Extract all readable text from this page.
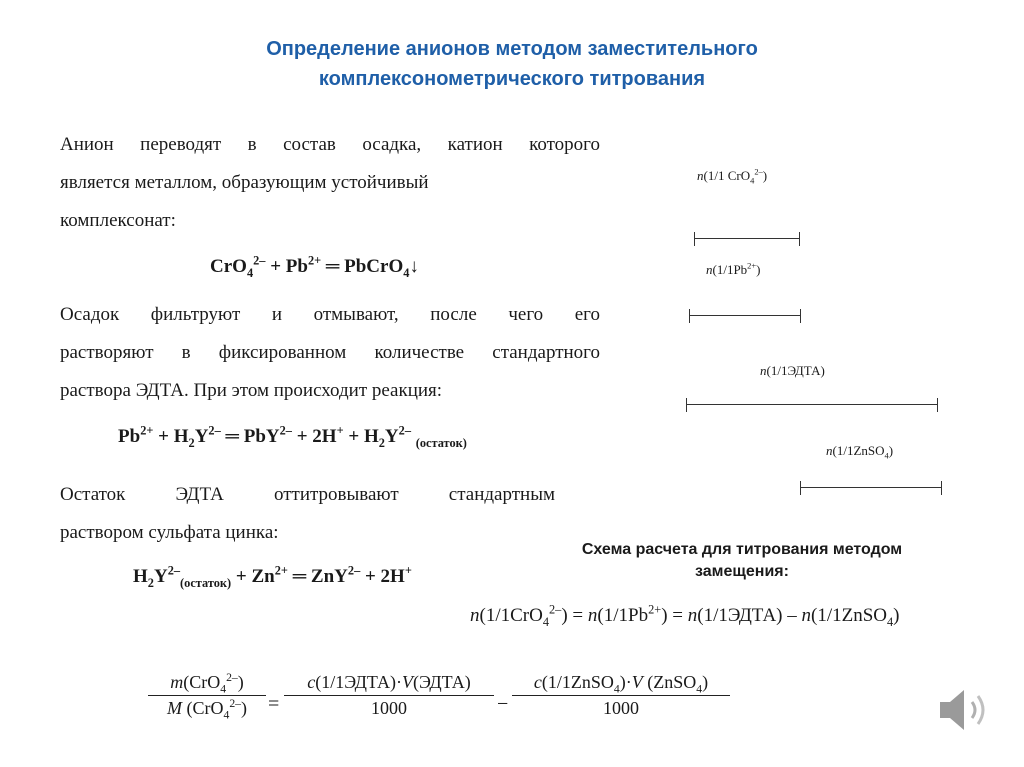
Определение анионов методом заместительного
комплексонометрического титрования
Анион переводят в состав осадка, катион которого
является металлом, образующим устойчивый
комплексонат:
$CrO_4^{2-} + Pb^{2+}$ ═ PbCrO$_4$↓
Осадок фильтруют и отмывают, после чего его
растворяют в фиксированном количестве стандартного
раствора ЭДТА. При этом происходит реакция:
$Pb^{2+} + H_2Y^{2-}$ ═ $PbY^{2-} + 2H^+ + H_2Y^{2-}$ $_{(остаток)}$
Остаток ЭДТА оттитровывают стандартным
раствором сульфата цинка:
$H_2Y^{2-}_{(остаток)} + Zn^{2+}$ ═ ZnY$^{2-}$ + 2H+
n(1/1 CrO$_4^{2-}$)
$n(1/1Pb^{2+})$
n(1/1ЭДТА)
n(1/1ZnSO$_4$)
Схема расчета для титрования методом
замещения:
$n(1/1CrO_4^{2-}) = n(1/1Pb^{2+})$ = n(1/1ЭДТА) – n(1/1ZnSO$_4$)
m(CrO$_4^{2-}$)
M (CrO$_4^{2-}$)	=
c(1/1ЭДТА)·V(ЭДТА)
1000	−
c(1/1ZnSO$_4$)·V (ZnSO$_4$)
1000
